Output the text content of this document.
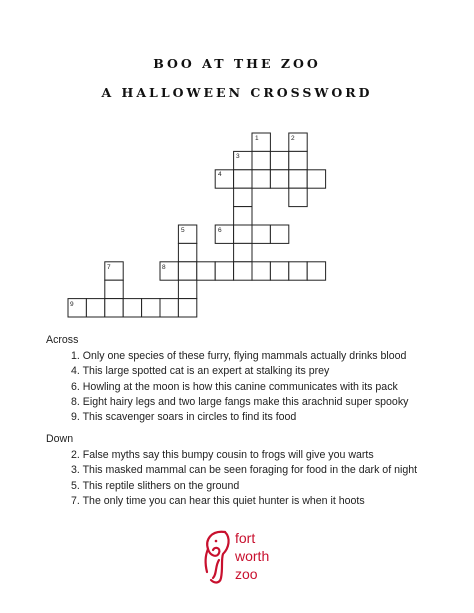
BOO AT THE ZOO
A HALLOWEEN CROSSWORD
1	2
3
4
5	6
7	8
9
Across
1. Only one species of these furry, flying mammals actually drinks blood
4. This large spotted cat is an expert at stalking its prey
6. Howling at the moon is how this canine communicates with its pack
8. Eight hairy legs and two large fangs make this arachnid super spooky
9. This scavenger soars in circles to find its food
Down
2. False myths say this bumpy cousin to frogs will give you warts
3. This masked mammal can be seen foraging for food in the dark of night
5. This reptile slithers on the ground
7. The only time you can hear this quiet hunter is when it hoots
fort
worth
zoo
